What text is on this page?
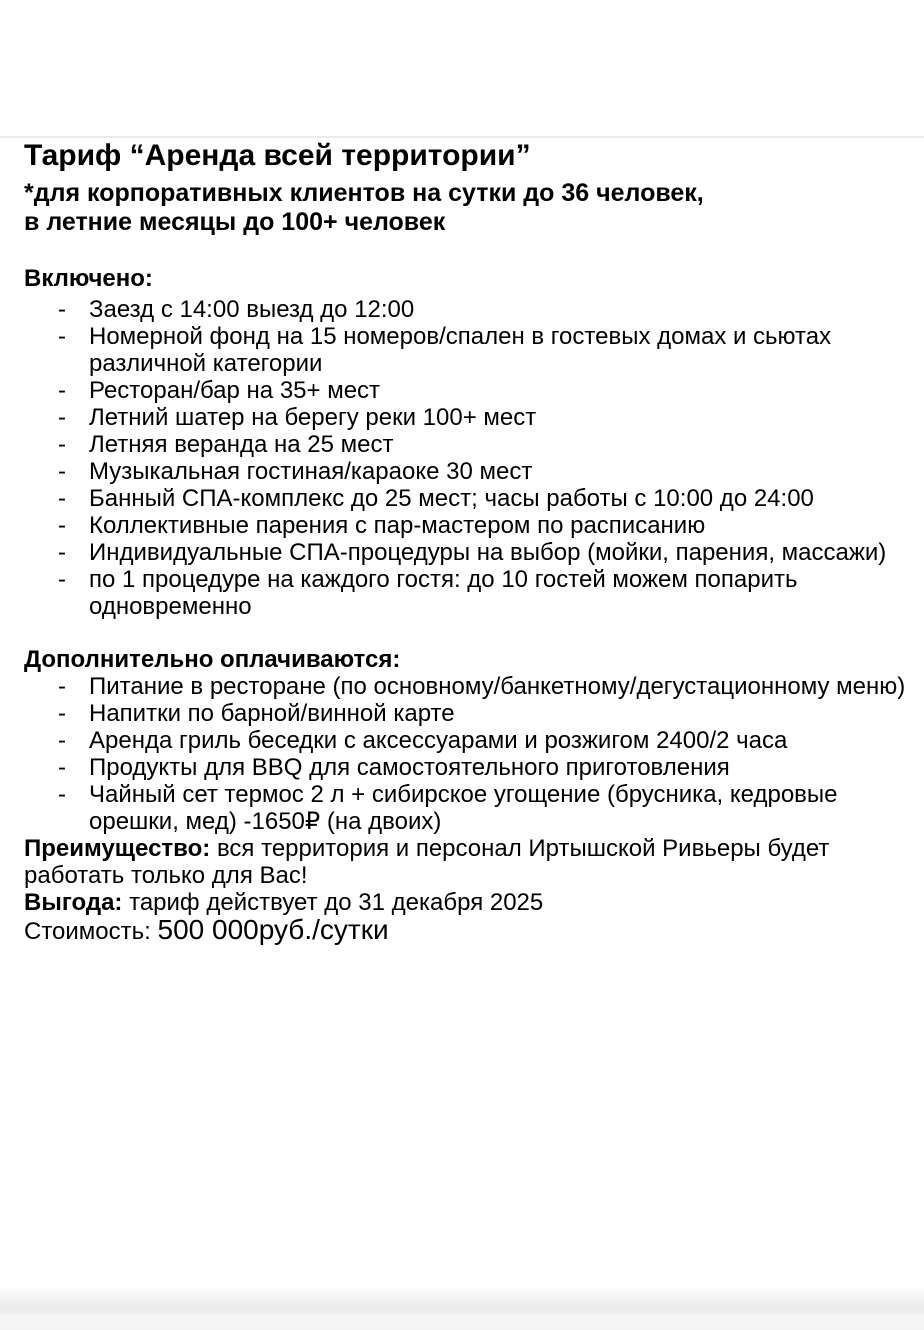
Тариф “Аренда всей территории”
*для корпоративных клиентов на сутки до 36 человек,
в летние месяцы до 100+ человек
Включено:
- Заезд с 14:00 выезд до 12:00
- Номерной фонд на 15 номеров/спален в гостевых домах и сьютах различной категории
- Ресторан/бар на 35+ мест
- Летний шатер на берегу реки 100+ мест
- Летняя веранда на 25 мест
- Музыкальная гостиная/караоке 30 мест
- Банный СПА-комплекс до 25 мест; часы работы с 10:00 до 24:00
- Коллективные парения с пар-мастером по расписанию
- Индивидуальные СПА-процедуры на выбор (мойки, парения, массажи)
- по 1 процедуре на каждого гостя: до 10 гостей можем попарить одновременно
Дополнительно оплачиваются:
- Питание в ресторане (по основному/банкетному/дегустационному меню)
- Напитки по барной/винной карте
- Аренда гриль беседки с аксессуарами и розжигом 2400/2 часа
- Продукты для BBQ для самостоятельного приготовления
- Чайный сет термос 2 л + сибирское угощение (брусника, кедровые орешки, мед) -1650₽ (на двоих)

Преимущество: вся территория и персонал Иртышской Ривьеры будет работать только для Вас!

Выгода: тариф действует до 31 декабря 2025

Стоимость: 500 000руб./сутки
